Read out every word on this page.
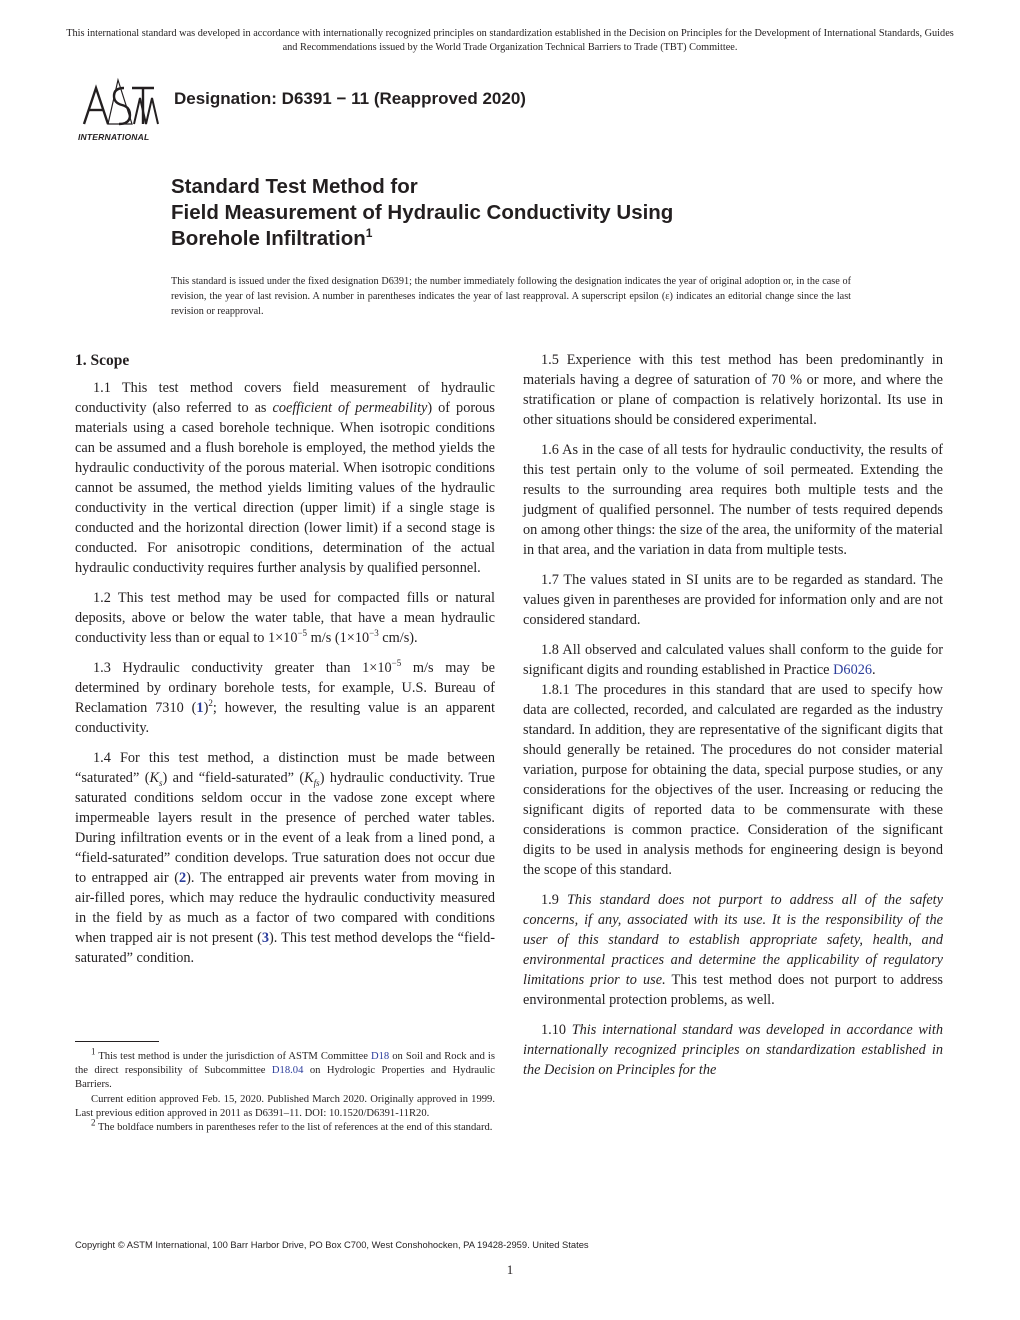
This international standard was developed in accordance with internationally recognized principles on standardization established in the Decision on Principles for the Development of International Standards, Guides and Recommendations issued by the World Trade Organization Technical Barriers to Trade (TBT) Committee.
INTERNATIONAL
Designation: D6391 − 11 (Reapproved 2020)
Standard Test Method for
Field Measurement of Hydraulic Conductivity Using
Borehole Infiltration$^1$
This standard is issued under the fixed designation D6391; the number immediately following the designation indicates the year of original adoption or, in the case of revision, the year of last revision. A number in parentheses indicates the year of last reapproval. A superscript epsilon (ε) indicates an editorial change since the last revision or reapproval.
1. Scope

1.1 This test method covers field measurement of hydraulic conductivity (also referred to as coefficient of permeability) of porous materials using a cased borehole technique. When isotropic conditions can be assumed and a flush borehole is employed, the method yields the hydraulic conductivity of the porous material. When isotropic conditions cannot be assumed, the method yields limiting values of the hydraulic conductivity in the vertical direction (upper limit) if a single stage is conducted and the horizontal direction (lower limit) if a second stage is conducted. For anisotropic conditions, determination of the actual hydraulic conductivity requires further analysis by qualified personnel.

1.2 This test method may be used for compacted fills or natural deposits, above or below the water table, that have a mean hydraulic conductivity less than or equal to $1\times 10^{-5}$ m/s ($1\times 10^{-3}$ cm/s).

1.3 Hydraulic conductivity greater than $1\times 10^{-5}$ m/s may be determined by ordinary borehole tests, for example, U.S. Bureau of Reclamation 7310 $(1)^2$; however, the resulting value is an apparent conductivity.

1.4 For this test method, a distinction must be made between “saturated” $(K_s)$ and “field-saturated” $(K_{fs})$ hydraulic conductivity. True saturated conditions seldom occur in the vadose zone except where impermeable layers result in the presence of perched water tables. During infiltration events or in the event of a leak from a lined pond, a “field-saturated” condition develops. True saturation does not occur due to entrapped air (2). The entrapped air prevents water from moving in air-filled pores, which may reduce the hydraulic conductivity measured in the field by as much as a factor of two compared with conditions when trapped air is not present (3). This test method develops the “field-saturated” condition.

1.5 Experience with this test method has been predominantly in materials having a degree of saturation of 70 % or more, and where the stratification or plane of compaction is relatively horizontal. Its use in other situations should be considered experimental.

1.6 As in the case of all tests for hydraulic conductivity, the results of this test pertain only to the volume of soil permeated. Extending the results to the surrounding area requires both multiple tests and the judgment of qualified personnel. The number of tests required depends on among other things: the size of the area, the uniformity of the material in that area, and the variation in data from multiple tests.

1.7 The values stated in SI units are to be regarded as standard. The values given in parentheses are provided for information only and are not considered standard.

1.8 All observed and calculated values shall conform to the guide for significant digits and rounding established in Practice D6026.

1.8.1 The procedures in this standard that are used to specify how data are collected, recorded, and calculated are regarded as the industry standard. In addition, they are representative of the significant digits that should generally be retained. The procedures do not consider material variation, purpose for obtaining the data, special purpose studies, or any considerations for the objectives of the user. Increasing or reducing the significant digits of reported data to be commensurate with these considerations is common practice. Consideration of the significant digits to be used in analysis methods for engineering design is beyond the scope of this standard.

1.9 This standard does not purport to address all of the safety concerns, if any, associated with its use. It is the responsibility of the user of this standard to establish appropriate safety, health, and environmental practices and determine the applicability of regulatory limitations prior to use. This test method does not purport to address environmental protection problems, as well.

1.10 This international standard was developed in accordance with internationally recognized principles on standardization established in the Decision on Principles for the

$^1$ This test method is under the jurisdiction of ASTM Committee D18 on Soil and Rock and is the direct responsibility of Subcommittee D18.04 on Hydrologic Properties and Hydraulic Barriers.

Current edition approved Feb. 15, 2020. Published March 2020. Originally approved in 1999. Last previous edition approved in 2011 as D6391–11. DOI: 10.1520/D6391-11R20.

$^2$ The boldface numbers in parentheses refer to the list of references at the end of this standard.

Copyright © ASTM International, 100 Barr Harbor Drive, PO Box C700, West Conshohocken, PA 19428-2959. United States
1
